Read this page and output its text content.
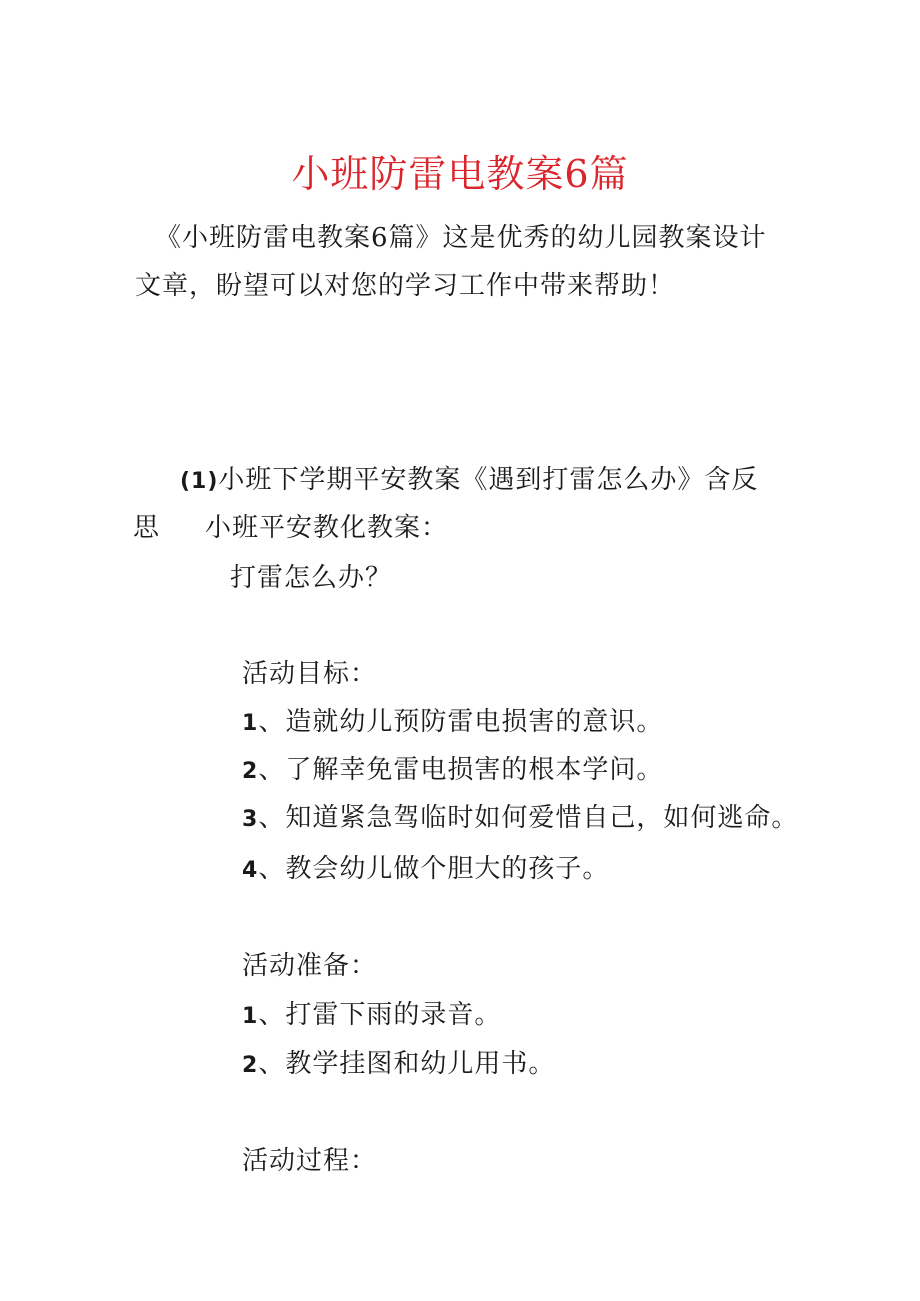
小班防雷电教案6篇

《小班防雷电教案6篇》这是优秀的幼儿园教案设计文章，盼望可以对您的学习工作中带来帮助！

(1)小班下学期平安教案《遇到打雷怎么办》含反

思 小班平安教化教案：

打雷怎么办？

活动目标：

1、造就幼儿预防雷电损害的意识。

2、了解幸免雷电损害的根本学问。

3、知道紧急驾临时如何爱惜自己，如何逃命。

4、教会幼儿做个胆大的孩子。

活动准备：

1、打雷下雨的录音。

2、教学挂图和幼儿用书。

活动过程：
